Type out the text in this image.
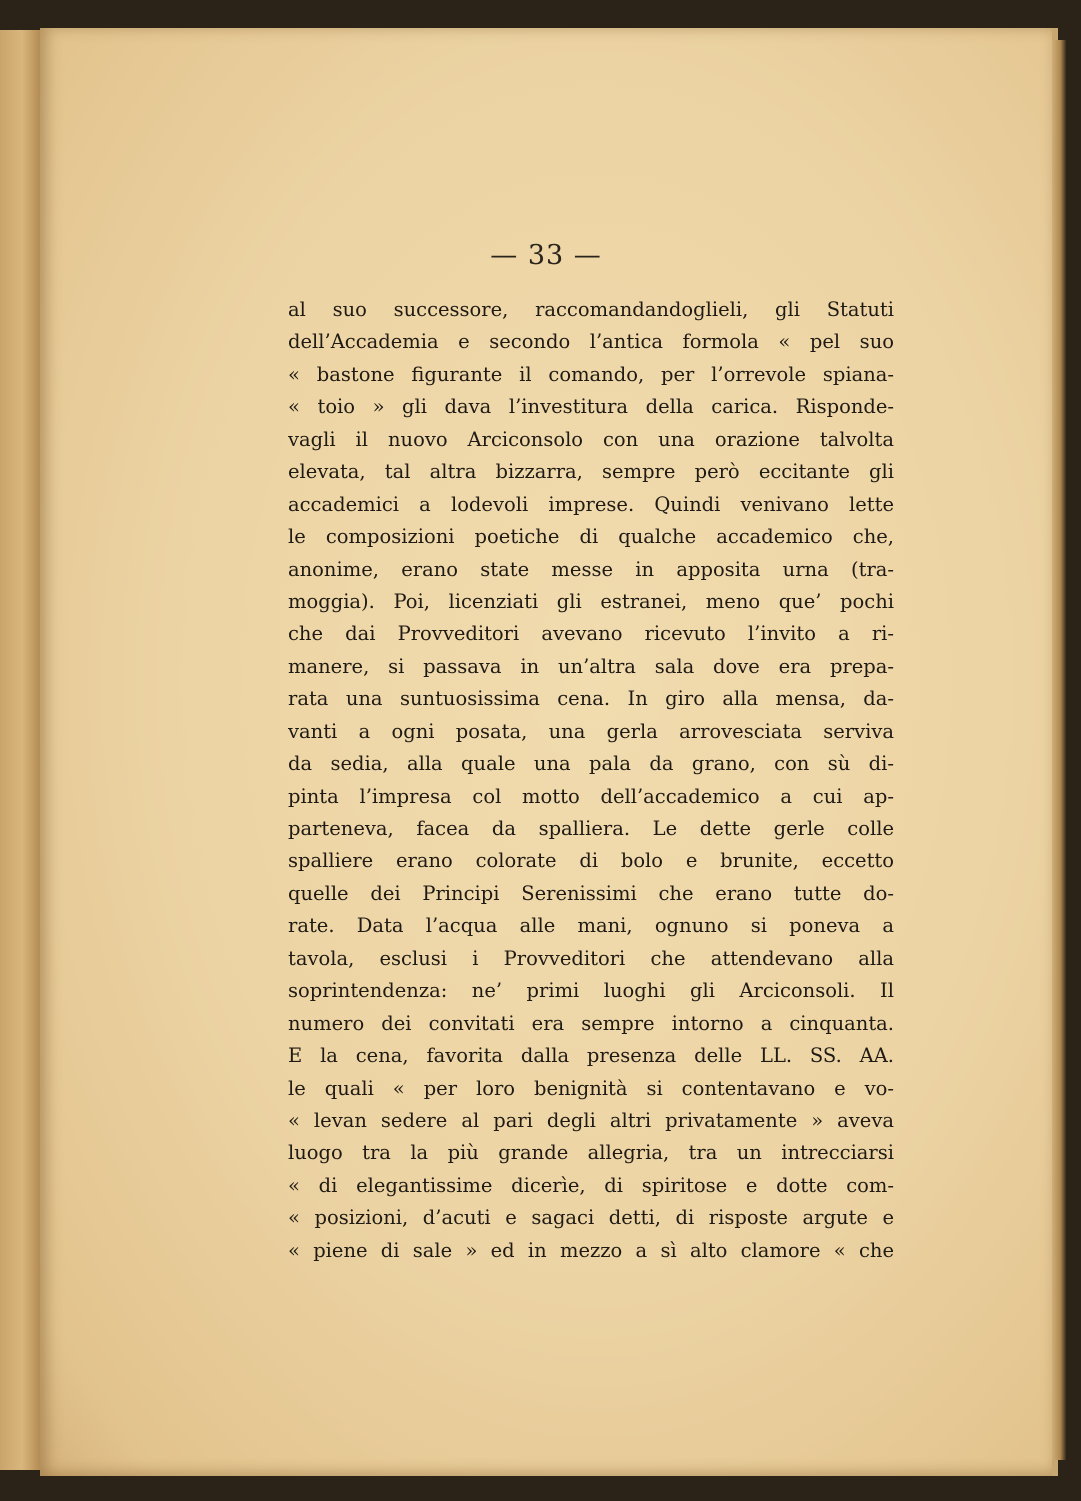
— 33 —
al suo successore, raccomandandoglieli, gli Statuti
dell’Accademia e secondo l’antica formola « pel suo
« bastone figurante il comando, per l’orrevole spiana-
« toio » gli dava l’investitura della carica. Risponde-
vagli il nuovo Arciconsolo con una orazione talvolta
elevata, tal altra bizzarra, sempre però eccitante gli
accademici a lodevoli imprese. Quindi venivano lette
le composizioni poetiche di qualche accademico che,
anonime, erano state messe in apposita urna (tra-
moggia). Poi, licenziati gli estranei, meno que’ pochi
che dai Provveditori avevano ricevuto l’invito a ri-
manere, si passava in un’altra sala dove era prepa-
rata una suntuosissima cena. In giro alla mensa, da-
vanti a ogni posata, una gerla arrovesciata serviva
da sedia, alla quale una pala da grano, con sù di-
pinta l’impresa col motto dell’accademico a cui ap-
parteneva, facea da spalliera. Le dette gerle colle
spalliere erano colorate di bolo e brunite, eccetto
quelle dei Principi Serenissimi che erano tutte do-
rate. Data l’acqua alle mani, ognuno si poneva a
tavola, esclusi i Provveditori che attendevano alla
soprintendenza: ne’ primi luoghi gli Arciconsoli. Il
numero dei convitati era sempre intorno a cinquanta.
E la cena, favorita dalla presenza delle LL. SS. AA.
le quali « per loro benignità si contentavano e vo-
« levan sedere al pari degli altri privatamente » aveva
luogo tra la più grande allegria, tra un intrecciarsi
« di elegantissime dicerìe, di spiritose e dotte com-
« posizioni, d’acuti e sagaci detti, di risposte argute e
« piene di sale » ed in mezzo a sì alto clamore « che
